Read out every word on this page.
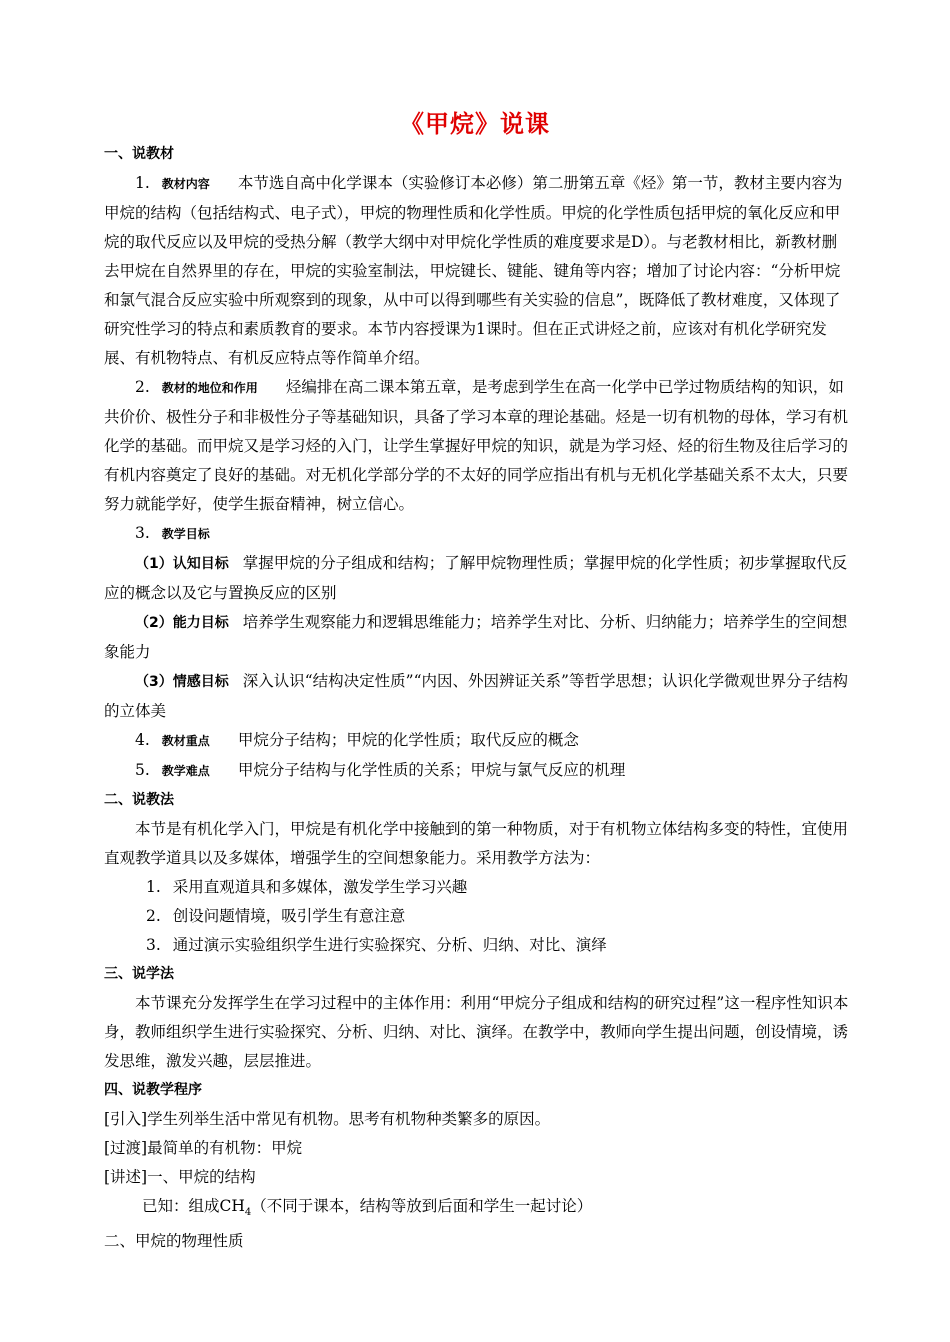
《甲烷》说课

一、说教材

1. 教材内容 本节选自高中化学课本（实验修订本必修）第二册第五章《烃》第一节，教材主要内容为甲烷的结构（包括结构式、电子式），甲烷的物理性质和化学性质。甲烷的化学性质包括甲烷的氧化反应和甲烷的取代反应以及甲烷的受热分解（教学大纲中对甲烷化学性质的难度要求是D）。与老教材相比，新教材删去甲烷在自然界里的存在，甲烷的实验室制法，甲烷键长、键能、键角等内容；增加了讨论内容：“分析甲烷和氯气混合反应实验中所观察到的现象，从中可以得到哪些有关实验的信息”，既降低了教材难度，又体现了研究性学习的特点和素质教育的要求。本节内容授课为1课时。但在正式讲烃之前，应该对有机化学研究发展、有机物特点、有机反应特点等作简单介绍。

2. 教材的地位和作用 烃编排在高二课本第五章，是考虑到学生在高一化学中已学过物质结构的知识，如共价价、极性分子和非极性分子等基础知识，具备了学习本章的理论基础。烃是一切有机物的母体，学习有机化学的基础。而甲烷又是学习烃的入门，让学生掌握好甲烷的知识，就是为学习烃、烃的衍生物及往后学习的有机内容奠定了良好的基础。对无机化学部分学的不太好的同学应指出有机与无机化学基础关系不太大，只要努力就能学好，使学生振奋精神，树立信心。

3. 教学目标

（1）认知目标 掌握甲烷的分子组成和结构；了解甲烷物理性质；掌握甲烷的化学性质；初步掌握取代反应的概念以及它与置换反应的区别

（2）能力目标 培养学生观察能力和逻辑思维能力；培养学生对比、分析、归纳能力；培养学生的空间想象能力

（3）情感目标 深入认识“结构决定性质”“内因、外因辨证关系”等哲学思想；认识化学微观世界分子结构的立体美

4. 教材重点 甲烷分子结构；甲烷的化学性质；取代反应的概念

5. 教学难点 甲烷分子结构与化学性质的关系；甲烷与氯气反应的机理

二、说教法

本节是有机化学入门，甲烷是有机化学中接触到的第一种物质，对于有机物立体结构多变的特性，宜使用直观教学道具以及多媒体，增强学生的空间想象能力。采用教学方法为：

1. 采用直观道具和多媒体，激发学生学习兴趣

2. 创设问题情境，吸引学生有意注意

3. 通过演示实验组织学生进行实验探究、分析、归纳、对比、演绎

三、说学法

本节课充分发挥学生在学习过程中的主体作用：利用“甲烷分子组成和结构的研究过程”这一程序性知识本身，教师组织学生进行实验探究、分析、归纳、对比、演绎。在教学中，教师向学生提出问题，创设情境，诱发思维，激发兴趣，层层推进。

四、说教学程序

[引入]学生列举生活中常见有机物。思考有机物种类繁多的原因。

[过渡]最简单的有机物：甲烷

[讲述]一、甲烷的结构

已知：组成$CH_4$（不同于课本，结构等放到后面和学生一起讨论）

二、甲烷的物理性质
